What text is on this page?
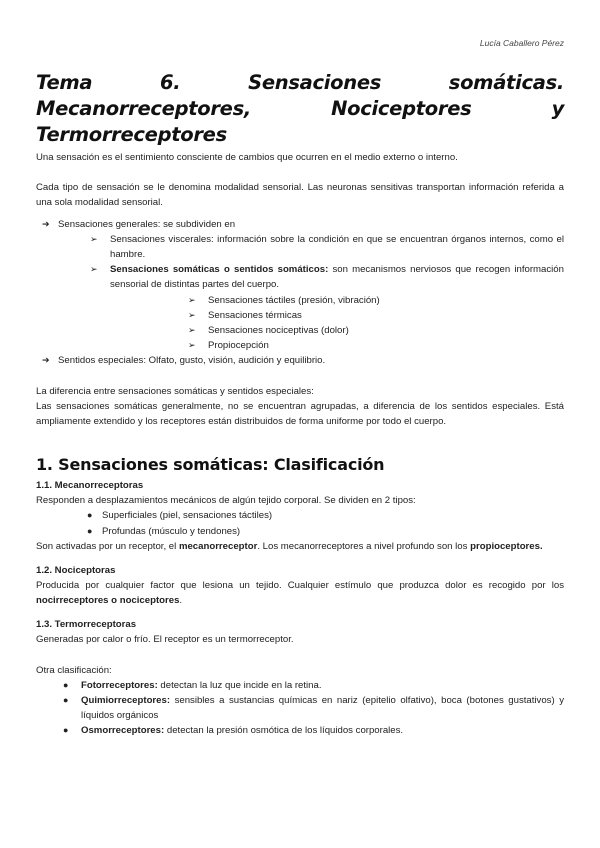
Lucía Caballero Pérez
Tema 6. Sensaciones somáticas. Mecanorreceptores, Nociceptores y Termorreceptores

Una sensación es el sentimiento consciente de cambios que ocurren en el medio externo o interno.

Cada tipo de sensación se le denomina modalidad sensorial. Las neuronas sensitivas transportan información referida a una sola modalidad sensorial.

➔ Sensaciones generales: se subdividen en
➢ Sensaciones viscerales: información sobre la condición en que se encuentran órganos internos, como el hambre.
➢ Sensaciones somáticas o sentidos somáticos: son mecanismos nerviosos que recogen información sensorial de distintas partes del cuerpo.
➢ Sensaciones táctiles (presión, vibración)
➢ Sensaciones térmicas
➢ Sensaciones nociceptivas (dolor)
➢ Propiocepción
➔ Sentidos especiales: Olfato, gusto, visión, audición y equilibrio.

La diferencia entre sensaciones somáticas y sentidos especiales:

Las sensaciones somáticas generalmente, no se encuentran agrupadas, a diferencia de los sentidos especiales. Está ampliamente extendido y los receptores están distribuidos de forma uniforme por todo el cuerpo.

1. Sensaciones somáticas: Clasificación
1.1. Mecanorreceptoras

Responden a desplazamientos mecánicos de algún tejido corporal. Se dividen en 2 tipos:

● Superficiales (piel, sensaciones táctiles)
● Profundas (músculo y tendones)

Son activadas por un receptor, el mecanorreceptor. Los mecanorreceptores a nivel profundo son los propioceptores.

1.2. Nociceptoras

Producida por cualquier factor que lesiona un tejido. Cualquier estímulo que produzca dolor es recogido por los nocirreceptores o nociceptores.

1.3. Termorreceptoras

Generadas por calor o frío. El receptor es un termorreceptor.

Otra clasificación:

● Fotorreceptores: detectan la luz que incide en la retina.
● Quimiorreceptores: sensibles a sustancias químicas en nariz (epitelio olfativo), boca (botones gustativos) y líquidos orgánicos
● Osmorreceptores: detectan la presión osmótica de los líquidos corporales.
